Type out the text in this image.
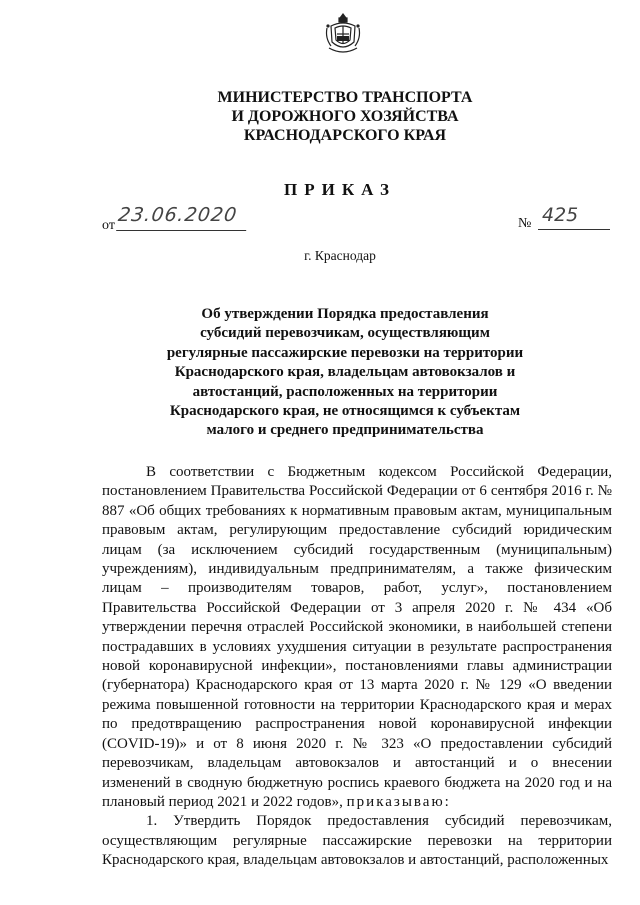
МИНИСТЕРСТВО ТРАНСПОРТА
И ДОРОЖНОГО ХОЗЯЙСТВА
КРАСНОДАРСКОГО КРАЯ
ПРИКАЗ
от 23.06.2020	№ 425
г. Краснодар
Об утверждении Порядка предоставления
субсидий перевозчикам, осуществляющим
регулярные пассажирские перевозки на территории
Краснодарского края, владельцам автовокзалов и
автостанций, расположенных на территории
Краснодарского края, не относящимся к субъектам
малого и среднего предпринимательства

В соответствии с Бюджетным кодексом Российской Федерации, постановлением Правительства Российской Федерации от 6 сентября 2016 г. № 887 «Об общих требованиях к нормативным правовым актам, муниципальным правовым актам, регулирующим предоставление субсидий юридическим лицам (за исключением субсидий государственным (муниципальным) учреждениям), индивидуальным предпринимателям, а также физическим лицам – производителям товаров, работ, услуг», постановлением Правительства Российской Федерации от 3 апреля 2020 г. № 434 «Об утверждении перечня отраслей Российской экономики, в наибольшей степени пострадавших в условиях ухудшения ситуации в результате распространения новой коронавирусной инфекции», постановлениями главы администрации (губернатора) Краснодарского края от 13 марта 2020 г. № 129 «О введении режима повышенной готовности на территории Краснодарского края и мерах по предотвращению распространения новой коронавирусной инфекции (COVID-19)» и от 8 июня 2020 г. № 323 «О предоставлении субсидий перевозчикам, владельцам автовокзалов и автостанций и о внесении изменений в сводную бюджетную роспись краевого бюджета на 2020 год и на плановый период 2021 и 2022 годов», приказываю:

1. Утвердить Порядок предоставления субсидий перевозчикам, осуществляющим регулярные пассажирские перевозки на территории Краснодарского края, владельцам автовокзалов и автостанций, расположенных
